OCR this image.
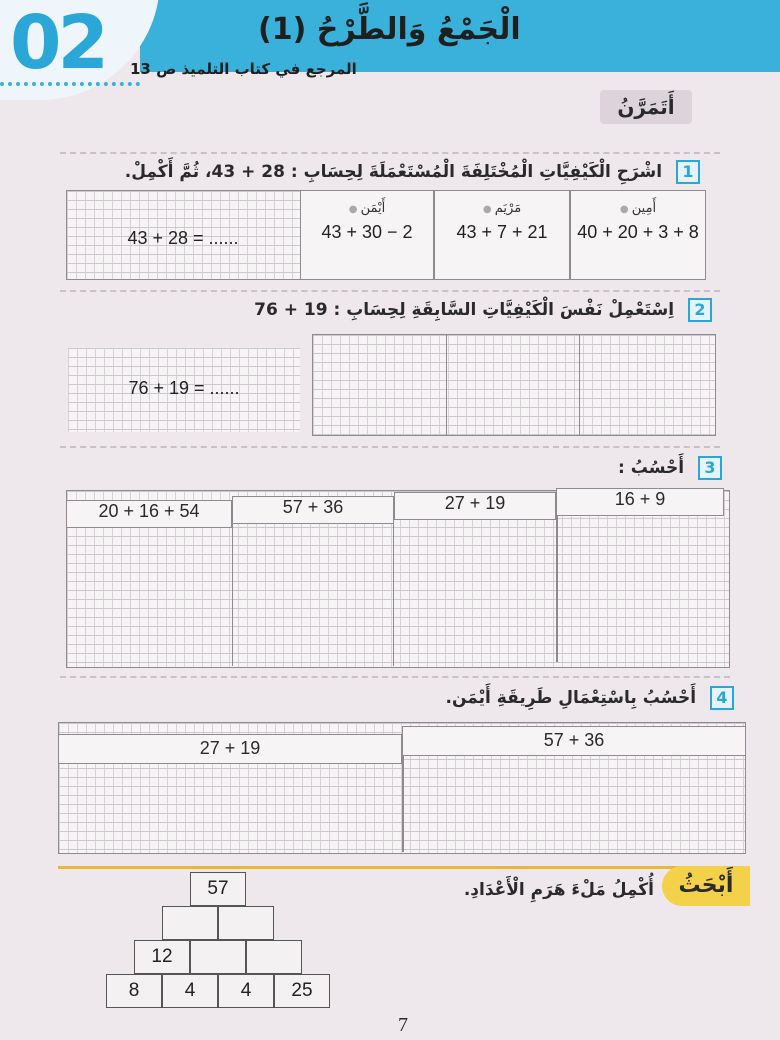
02	الْجَمْعُ وَالطَّرْحُ (1)
المرجع في كتاب التلميذ ص 13
أَتَمَرَّنُ
1 اشْرَحِ الْكَيْفِيَّاتِ الْمُخْتَلِفَةَ الْمُسْتَعْمَلَةَ لِحِسَابِ : 28 + 43، ثُمَّ أَكْمِلْ.
● أَيْمَن
43 + 30 − 2
● مَرْيَم
43 + 7 + 21
● أَمِين
40 + 20 + 3 + 8
43 + 28 = ......
2 اِسْتَعْمِلْ نَفْسَ الْكَيْفِيَّاتِ السَّابِقَةِ لِحِسَابِ : 19 + 76
76 + 19 = ......
3 أَحْسُبُ :
20 + 16 + 54	57 + 36	27 + 19	16 + 9
4 أَحْسُبُ بِاسْتِعْمَالِ طَرِيقَةِ أَيْمَن.
27 + 19	57 + 36
أَبْحَثُ
أُكْمِلُ مَلْءَ هَرَمِ الْأَعْدَادِ.
57
12
8	4	4	25
7
